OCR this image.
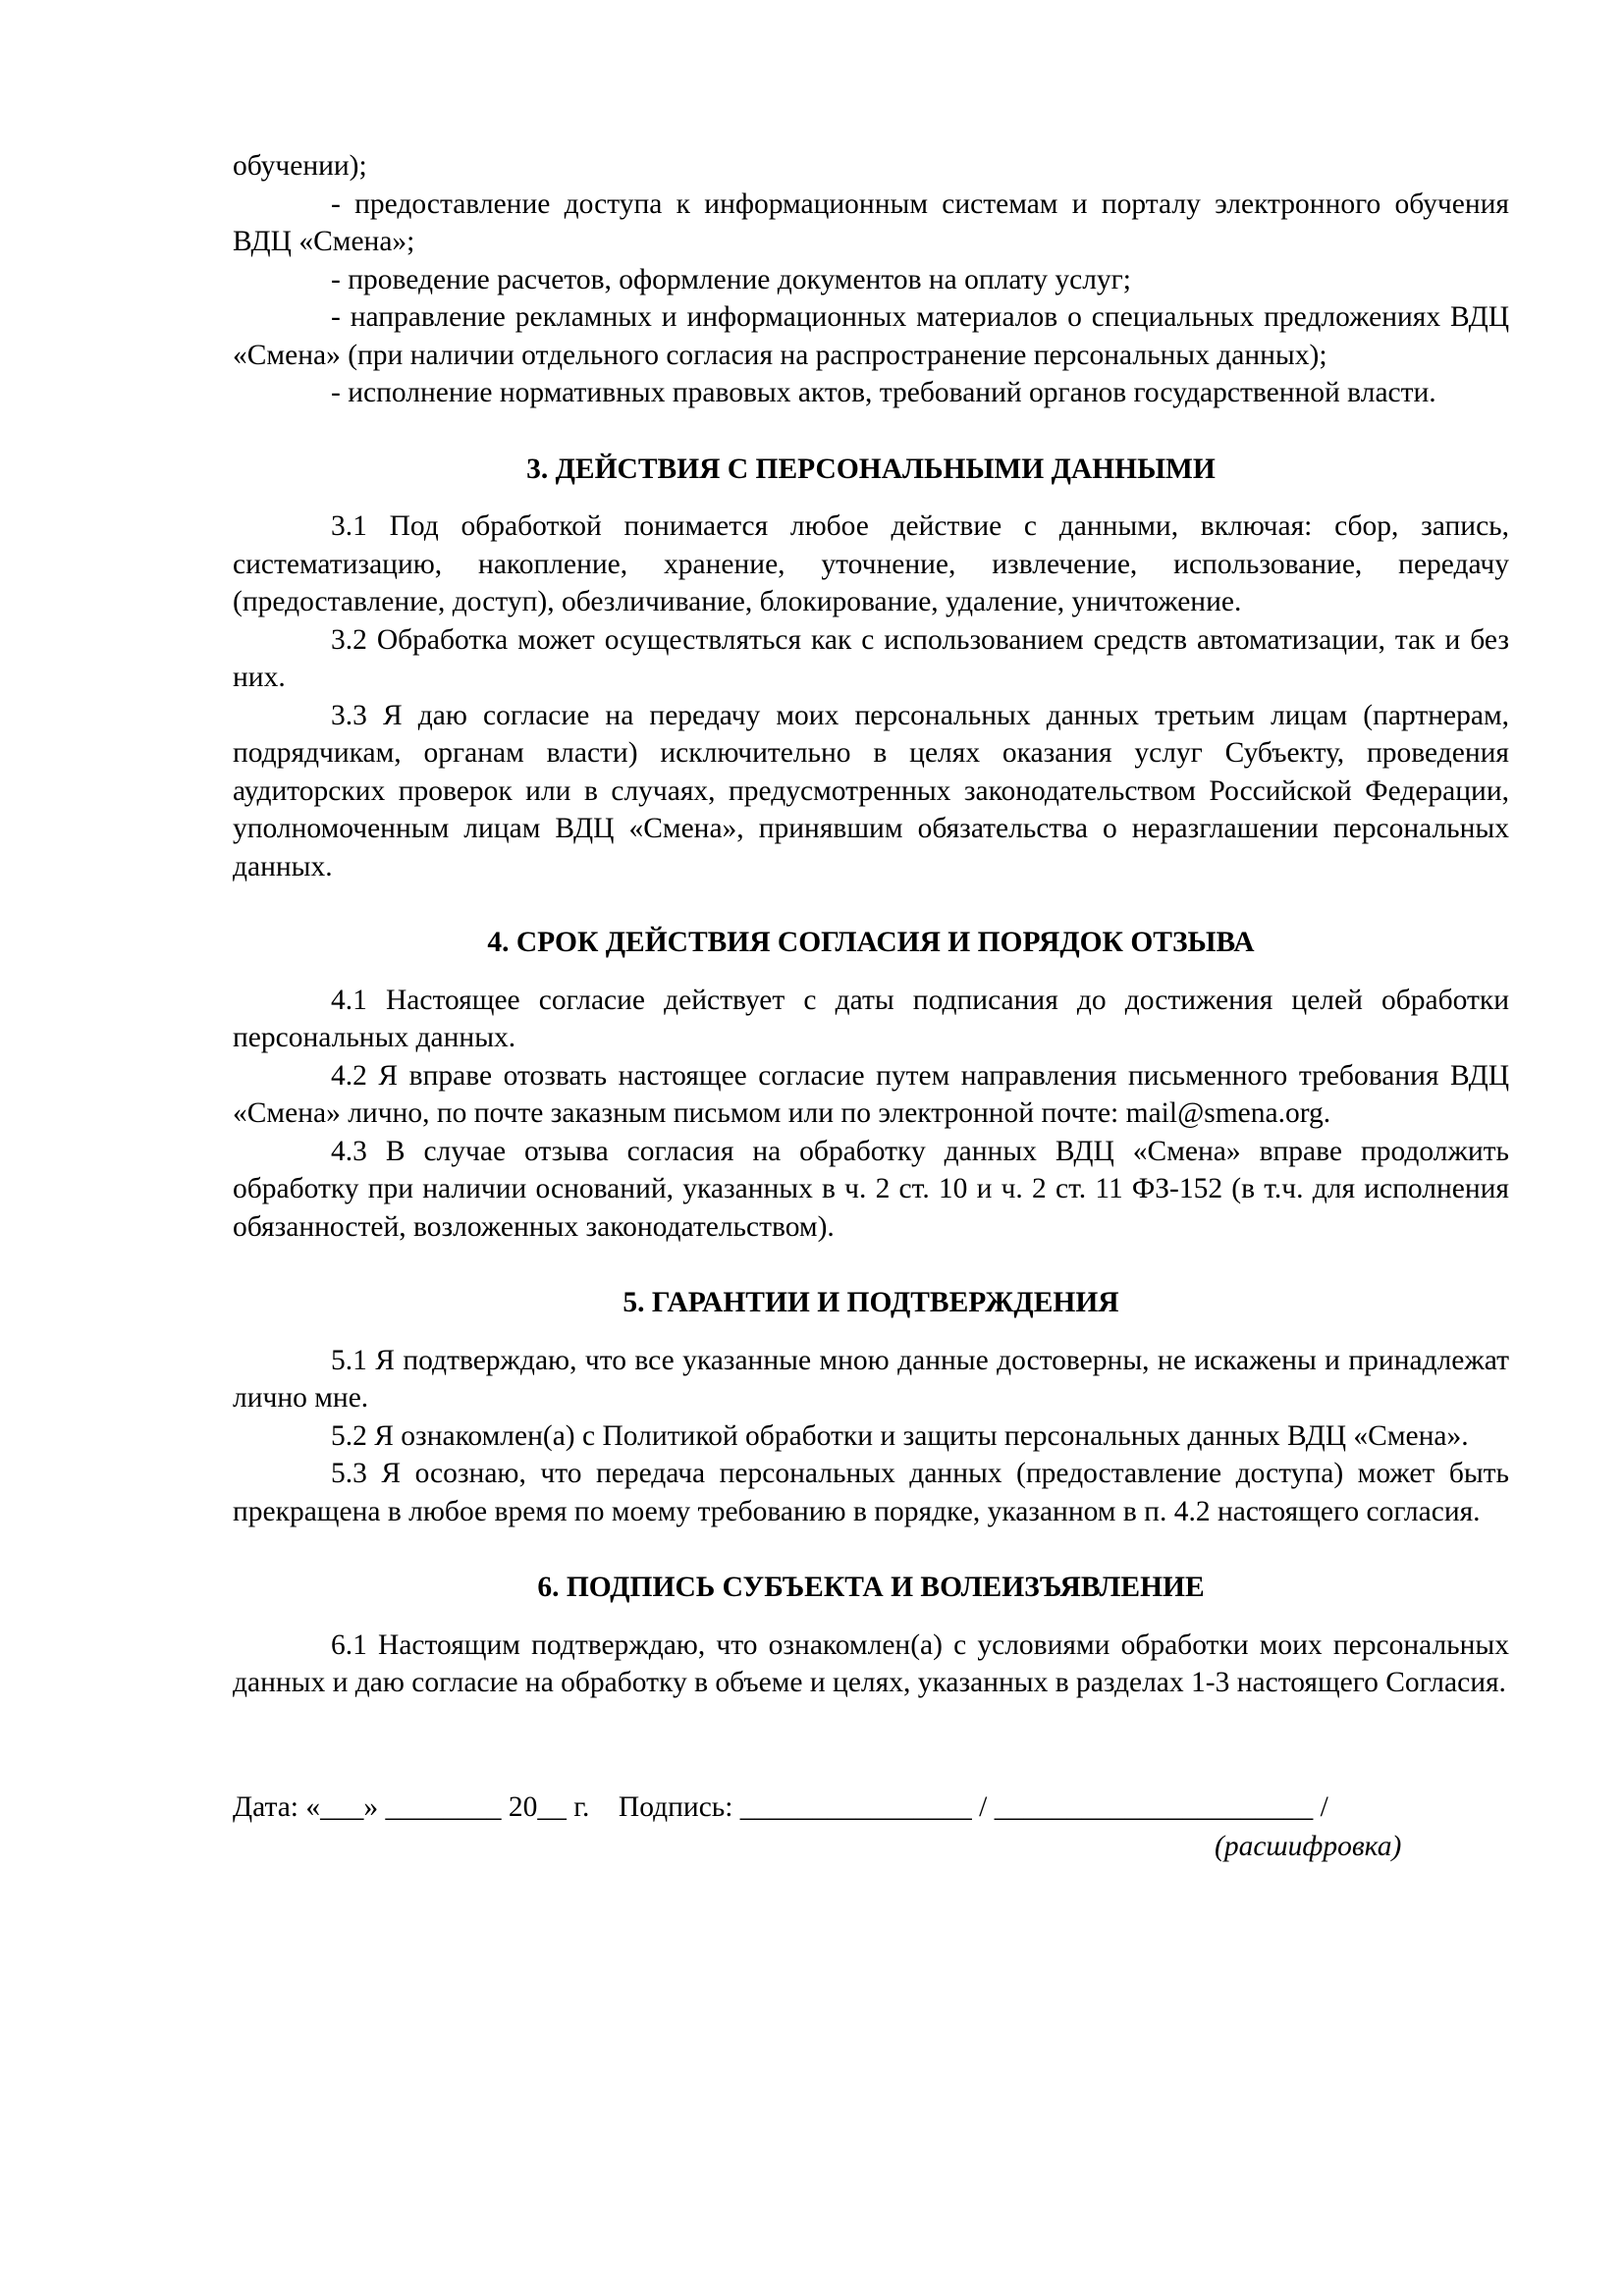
обучении);

- предоставление доступа к информационным системам и порталу электронного обучения ВДЦ «Смена»;

- проведение расчетов, оформление документов на оплату услуг;

- направление рекламных и информационных материалов о специальных предложениях ВДЦ «Смена» (при наличии отдельного согласия на распространение персональных данных);

- исполнение нормативных правовых актов, требований органов государственной власти.

3. ДЕЙСТВИЯ С ПЕРСОНАЛЬНЫМИ ДАННЫМИ

3.1 Под обработкой понимается любое действие с данными, включая: сбор, запись, систематизацию, накопление, хранение, уточнение, извлечение, использование, передачу (предоставление, доступ), обезличивание, блокирование, удаление, уничтожение.

3.2 Обработка может осуществляться как с использованием средств автоматизации, так и без них.

3.3 Я даю согласие на передачу моих персональных данных третьим лицам (партнерам, подрядчикам, органам власти) исключительно в целях оказания услуг Субъекту, проведения аудиторских проверок или в случаях, предусмотренных законодательством Российской Федерации, уполномоченным лицам ВДЦ «Смена», принявшим обязательства о неразглашении персональных данных.

4. СРОК ДЕЙСТВИЯ СОГЛАСИЯ И ПОРЯДОК ОТЗЫВА

4.1 Настоящее согласие действует с даты подписания до достижения целей обработки персональных данных.

4.2 Я вправе отозвать настоящее согласие путем направления письменного требования ВДЦ «Смена» лично, по почте заказным письмом или по электронной почте: mail@smena.org.

4.3 В случае отзыва согласия на обработку данных ВДЦ «Смена» вправе продолжить обработку при наличии оснований, указанных в ч. 2 ст. 10 и ч. 2 ст. 11 ФЗ-152 (в т.ч. для исполнения обязанностей, возложенных законодательством).

5. ГАРАНТИИ И ПОДТВЕРЖДЕНИЯ

5.1 Я подтверждаю, что все указанные мною данные достоверны, не искажены и принадлежат лично мне.

5.2 Я ознакомлен(а) с Политикой обработки и защиты персональных данных ВДЦ «Смена».

5.3 Я осознаю, что передача персональных данных (предоставление доступа) может быть прекращена в любое время по моему требованию в порядке, указанном в п. 4.2 настоящего согласия.

6. ПОДПИСЬ СУБЪЕКТА И ВОЛЕИЗЪЯВЛЕНИЕ

6.1 Настоящим подтверждаю, что ознакомлен(а) с условиями обработки моих персональных данных и даю согласие на обработку в объеме и целях, указанных в разделах 1-3 настоящего Согласия.

Дата: «___» ________ 20__ г. Подпись: ________________ / ______________________ /
(расшифровка)
